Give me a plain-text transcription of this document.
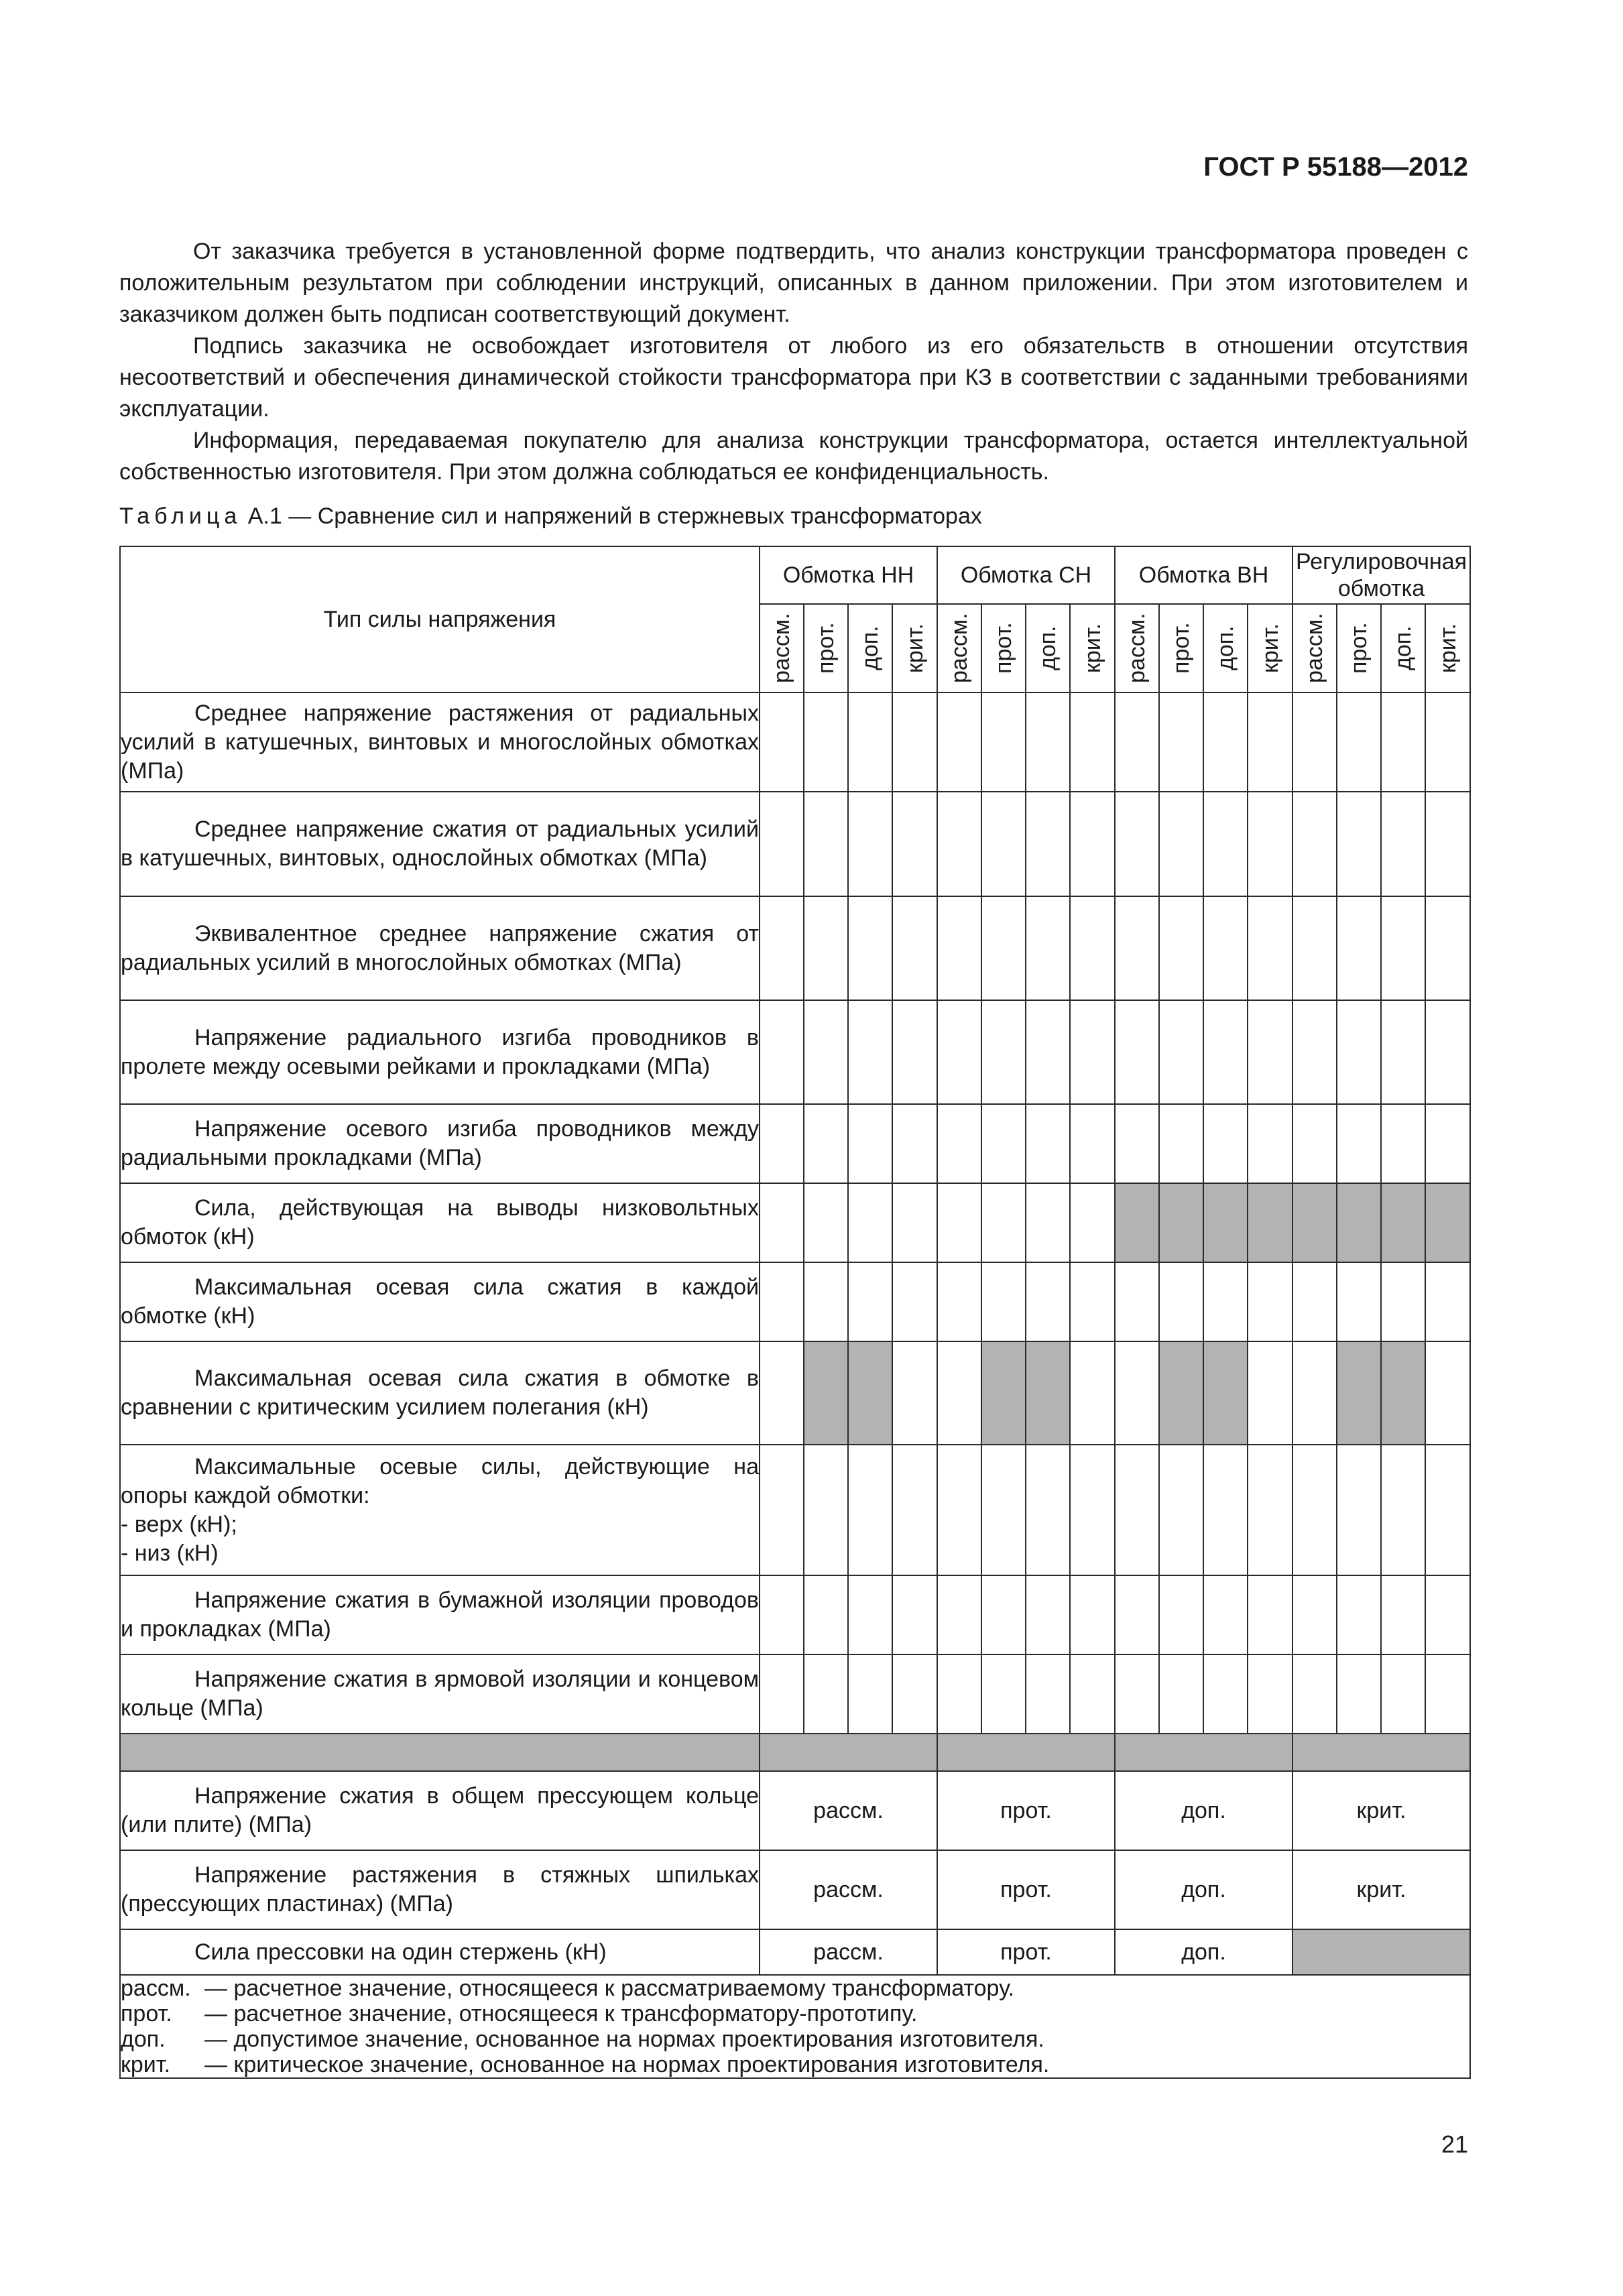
ГОСТ Р 55188—2012

От заказчика требуется в установленной форме подтвердить, что анализ конструкции трансформатора проведен с положительным результатом при соблюдении инструкций, описанных в данном приложении. При этом изготовителем и заказчиком должен быть подписан соответствующий документ.

Подпись заказчика не освобождает изготовителя от любого из его обязательств в отношении отсутствия несоответствий и обеспечения динамической стойкости трансформатора при КЗ в соответствии с заданными требованиями эксплуатации.

Информация, передаваемая покупателю для анализа конструкции трансформатора, остается интеллектуальной собственностью изготовителя. При этом должна соблюдаться ее конфиденциальность.

Таблица А.1 — Сравнение сил и напряжений в стержневых трансформаторах
Тип силы напряжения	Обмотка НН				Обмотка СН				Обмотка ВН				Регулировочная обмотка			

	рассм.	прот.	доп.	крит.	рассм.	прот.	доп.	крит.	рассм.	прот.	доп.	крит.	рассм.	прот.	доп.	крит.

Среднее напряжение растяжения от радиальных усилий в катушечных, винтовых и многослойных обмотках (МПа)																

Среднее напряжение сжатия от радиальных усилий в катушечных, винтовых, однослойных обмотках (МПа)																

Эквивалентное среднее напряжение сжатия от радиальных усилий в многослойных обмотках (МПа)																

Напряжение радиального изгиба проводников в пролете между осевыми рейками и прокладками (МПа)																

Напряжение осевого изгиба проводников между радиальными прокладками (МПа)																

Сила, действующая на выводы низковольтных обмоток (кН)																

Максимальная осевая сила сжатия в каждой обмотке (кН)																

Максимальная осевая сила сжатия в обмотке в сравнении с критическим усилием полегания (кН)																

Максимальные осевые силы, действующие на опоры каждой обмотки:
- верх (кН);
- низ (кН)																

Напряжение сжатия в бумажной изоляции проводов и прокладках (МПа)																

Напряжение сжатия в ярмовой изоляции и концевом кольце (МПа)																

Напряжение сжатия в общем прессующем кольце (или плите) (МПа)	рассм.				прот.				доп.				крит.			

Напряжение растяжения в стяжных шпильках (прессующих пластинах) (МПа)	рассм.				прот.				доп.				крит.			

Сила прессовки на один стержень (кН)	рассм.				прот.				доп.							

рассм. — расчетное значение, относящееся к рассматриваемому трансформатору.
прот. — расчетное значение, относящееся к трансформатору-прототипу.
доп. — допустимое значение, основанное на нормах проектирования изготовителя.
крит. — критическое значение, основанное на нормах проектирования изготовителя.																
21
